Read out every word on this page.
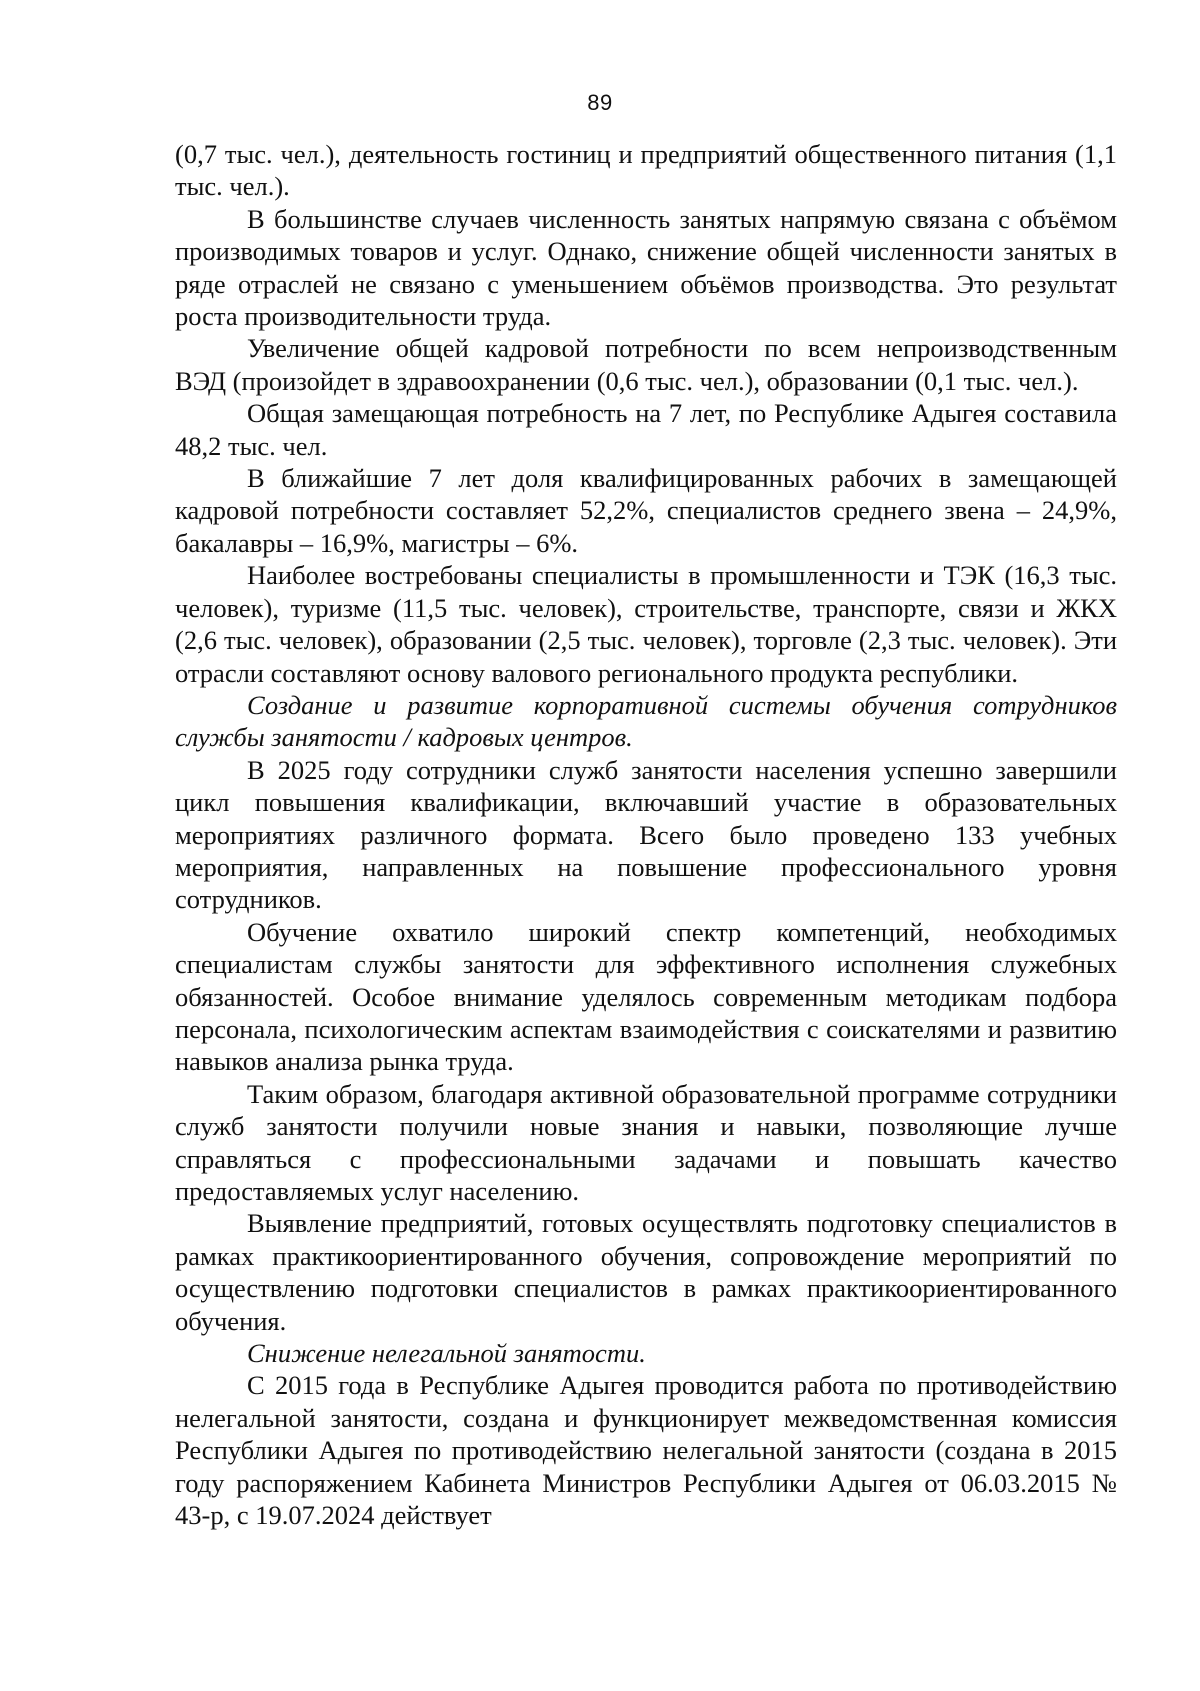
89

(0,7 тыс. чел.), деятельность гостиниц и предприятий общественного питания (1,1 тыс. чел.).

В большинстве случаев численность занятых напрямую связана с объёмом производимых товаров и услуг. Однако, снижение общей численности занятых в ряде отраслей не связано с уменьшением объёмов производства. Это результат роста производительности труда.

Увеличение общей кадровой потребности по всем непроизводственным ВЭД (произойдет в здравоохранении (0,6 тыс. чел.), образовании (0,1 тыс. чел.).

Общая замещающая потребность на 7 лет, по Республике Адыгея составила 48,2 тыс. чел.

В ближайшие 7 лет доля квалифицированных рабочих в замещающей кадровой потребности составляет 52,2%, специалистов среднего звена – 24,9%, бакалавры – 16,9%, магистры – 6%.

Наиболее востребованы специалисты в промышленности и ТЭК (16,3 тыс. человек), туризме (11,5 тыс. человек), строительстве, транспорте, связи и ЖКХ (2,6 тыс. человек), образовании (2,5 тыс. человек), торговле (2,3 тыс. человек). Эти отрасли составляют основу валового регионального продукта республики.

Создание и развитие корпоративной системы обучения сотрудников службы занятости / кадровых центров.

В 2025 году сотрудники служб занятости населения успешно завершили цикл повышения квалификации, включавший участие в образовательных мероприятиях различного формата. Всего было проведено 133 учебных мероприятия, направленных на повышение профессионального уровня сотрудников.

Обучение охватило широкий спектр компетенций, необходимых специалистам службы занятости для эффективного исполнения служебных обязанностей. Особое внимание уделялось современным методикам подбора персонала, психологическим аспектам взаимодействия с соискателями и развитию навыков анализа рынка труда.

Таким образом, благодаря активной образовательной программе сотрудники служб занятости получили новые знания и навыки, позволяющие лучше справляться с профессиональными задачами и повышать качество предоставляемых услуг населению.

Выявление предприятий, готовых осуществлять подготовку специалистов в рамках практикоориентированного обучения, сопровождение мероприятий по осуществлению подготовки специалистов в рамках практикоориентированного обучения.

Снижение нелегальной занятости.

С 2015 года в Республике Адыгея проводится работа по противодействию нелегальной занятости, создана и функционирует межведомственная комиссия Республики Адыгея по противодействию нелегальной занятости (создана в 2015 году распоряжением Кабинета Министров Республики Адыгея от 06.03.2015 № 43-р, с 19.07.2024 действует
